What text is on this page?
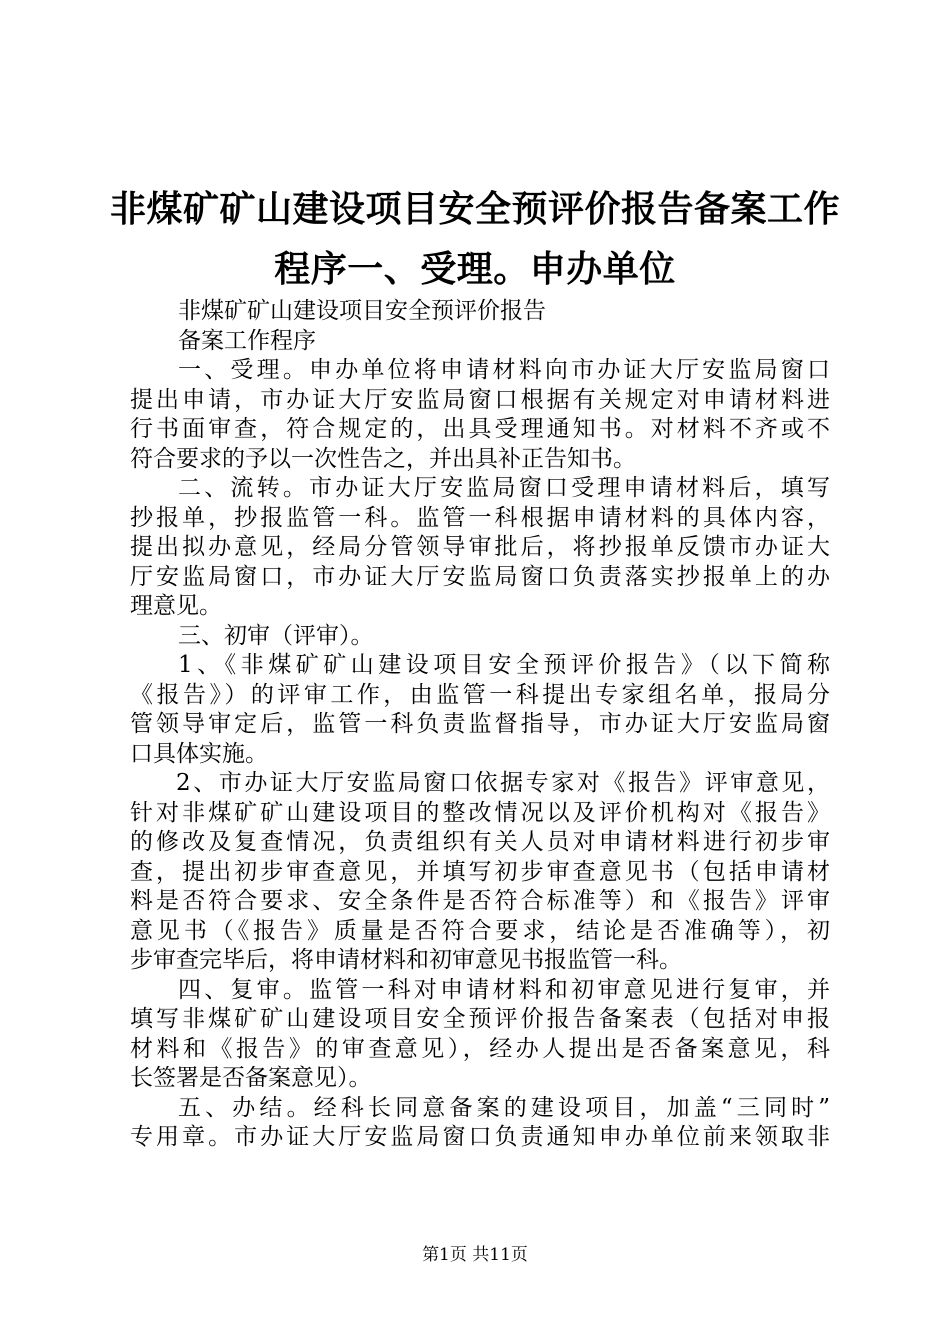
非煤矿矿山建设项目安全预评价报告备案工作
程序一、受理。申办单位
非煤矿矿山建设项目安全预评价报告
备案工作程序
一、受理。申办单位将申请材料向市办证大厅安监局窗口
提出申请，市办证大厅安监局窗口根据有关规定对申请材料进
行书面审查，符合规定的，出具受理通知书。对材料不齐或不
符合要求的予以一次性告之，并出具补正告知书。
二、流转。市办证大厅安监局窗口受理申请材料后，填写
抄报单，抄报监管一科。监管一科根据申请材料的具体内容，
提出拟办意见，经局分管领导审批后，将抄报单反馈市办证大
厅安监局窗口，市办证大厅安监局窗口负责落实抄报单上的办
理意见。
三、初审（评审）。
1、《非煤矿矿山建设项目安全预评价报告》（以下简称
《报告》）的评审工作，由监管一科提出专家组名单，报局分
管领导审定后，监管一科负责监督指导，市办证大厅安监局窗
口具体实施。
2、市办证大厅安监局窗口依据专家对《报告》评审意见，
针对非煤矿矿山建设项目的整改情况以及评价机构对《报告》
的修改及复查情况，负责组织有关人员对申请材料进行初步审
查，提出初步审查意见，并填写初步审查意见书（包括申请材
料是否符合要求、安全条件是否符合标准等）和《报告》评审
意见书（《报告》质量是否符合要求，结论是否准确等），初
步审查完毕后，将申请材料和初审意见书报监管一科。
四、复审。监管一科对申请材料和初审意见进行复审，并
填写非煤矿矿山建设项目安全预评价报告备案表（包括对申报
材料和《报告》的审查意见），经办人提出是否备案意见，科
长签署是否备案意见）。
五、办结。经科长同意备案的建设项目，加盖“三同时”
专用章。市办证大厅安监局窗口负责通知申办单位前来领取非
第1页 共11页
